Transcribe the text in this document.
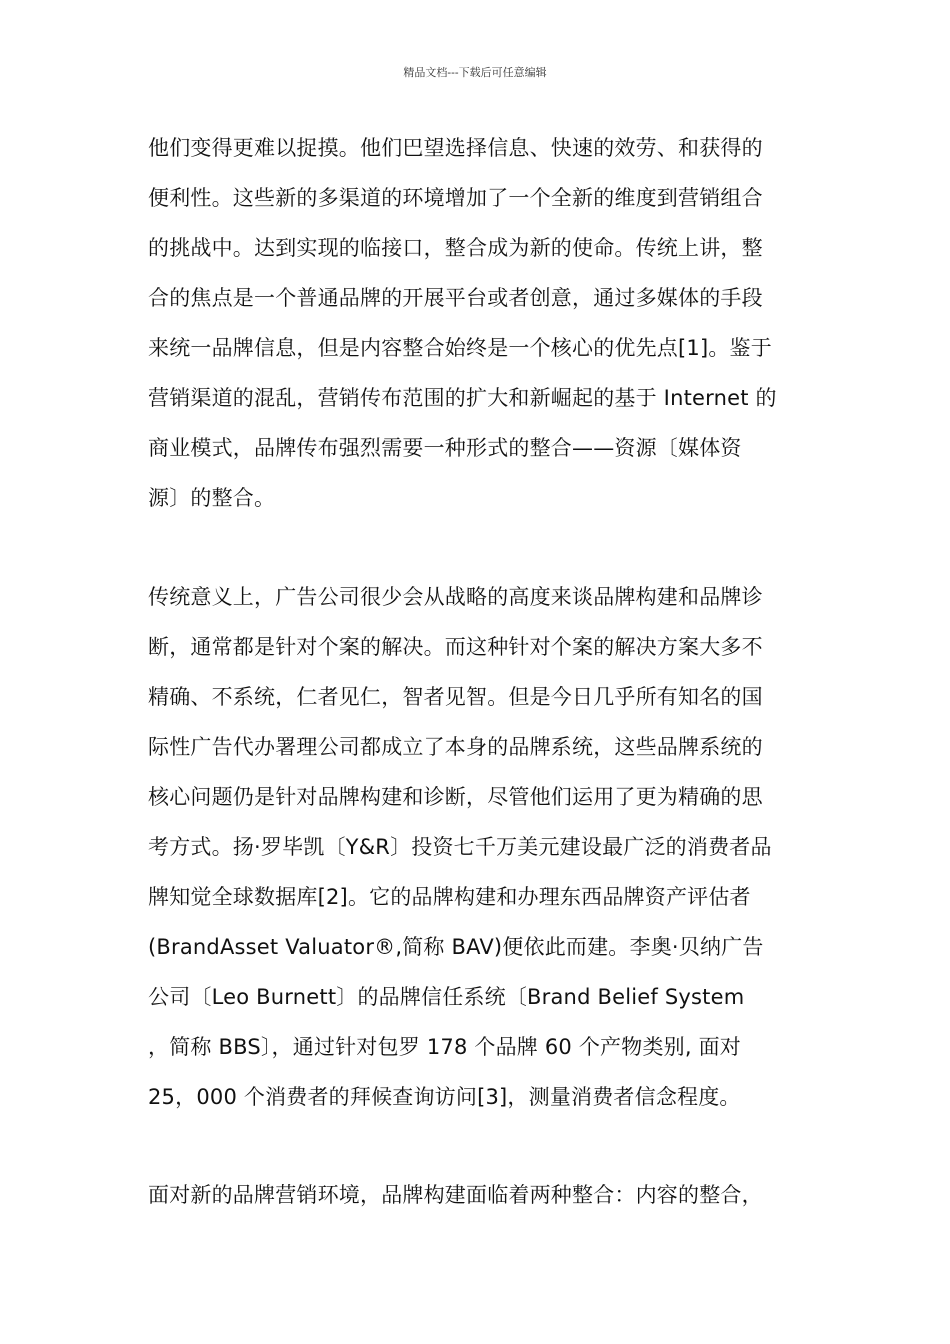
精品文档---下载后可任意编辑
他们变得更难以捉摸。他们巴望选择信息、快速的效劳、和获得的
便利性。这些新的多渠道的环境增加了一个全新的维度到营销组合
的挑战中。达到实现的临接口，整合成为新的使命。传统上讲，整
合的焦点是一个普通品牌的开展平台或者创意，通过多媒体的手段
来统一品牌信息，但是内容整合始终是一个核心的优先点[1]。鉴于
营销渠道的混乱，营销传布范围的扩大和新崛起的基于 Internet 的
商业模式，品牌传布强烈需要一种形式的整合——资源〔媒体资
源〕的整合。
传统意义上，广告公司很少会从战略的高度来谈品牌构建和品牌诊
断，通常都是针对个案的解决。而这种针对个案的解决方案大多不
精确、不系统，仁者见仁，智者见智。但是今日几乎所有知名的国
际性广告代办署理公司都成立了本身的品牌系统，这些品牌系统的
核心问题仍是针对品牌构建和诊断，尽管他们运用了更为精确的思
考方式。扬·罗毕凯〔Y&R〕投资七千万美元建设最广泛的消费者品
牌知觉全球数据库[2]。它的品牌构建和办理东西品牌资产评估者
(BrandAsset Valuator®,简称 BAV)便依此而建。李奥·贝纳广告
公司〔Leo Burnett〕的品牌信任系统〔Brand Belief System
，简称 BBS〕，通过针对包罗 178 个品牌 60 个产物类别, 面对
25，000 个消费者的拜候查询访问[3]，测量消费者信念程度。
面对新的品牌营销环境，品牌构建面临着两种整合：内容的整合，
